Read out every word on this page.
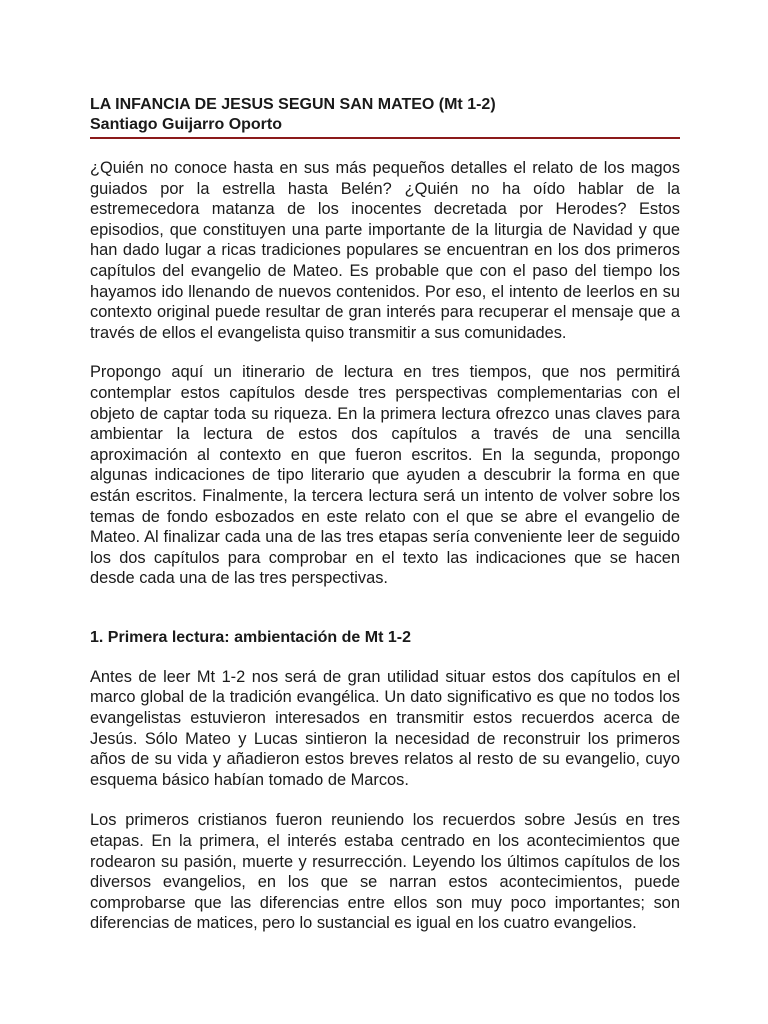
LA INFANCIA DE JESUS SEGUN SAN MATEO (Mt 1-2)
Santiago Guijarro Oporto

¿Quién no conoce hasta en sus más pequeños detalles el relato de los magos guiados por la estrella hasta Belén? ¿Quién no ha oído hablar de la estremecedora matanza de los inocentes decretada por Herodes? Estos episodios, que constituyen una parte importante de la liturgia de Navidad y que han dado lugar a ricas tradiciones populares se encuentran en los dos primeros capítulos del evangelio de Mateo. Es probable que con el paso del tiempo los hayamos ido llenando de nuevos contenidos. Por eso, el intento de leerlos en su contexto original puede resultar de gran interés para recuperar el mensaje que a través de ellos el evangelista quiso transmitir a sus comunidades.

Propongo aquí un itinerario de lectura en tres tiempos, que nos permitirá contemplar estos capítulos desde tres perspectivas complementarias con el objeto de captar toda su riqueza. En la primera lectura ofrezco unas claves para ambientar la lectura de estos dos capítulos a través de una sencilla aproximación al contexto en que fueron escritos. En la segunda, propongo algunas indicaciones de tipo literario que ayuden a descubrir la forma en que están escritos. Finalmente, la tercera lectura será un intento de volver sobre los temas de fondo esbozados en este relato con el que se abre el evangelio de Mateo. Al finalizar cada una de las tres etapas sería conveniente leer de seguido los dos capítulos para comprobar en el texto las indicaciones que se hacen desde cada una de las tres perspectivas.

1. Primera lectura: ambientación de Mt 1-2

Antes de leer Mt 1-2 nos será de gran utilidad situar estos dos capítulos en el marco global de la tradición evangélica. Un dato significativo es que no todos los evangelistas estuvieron interesados en transmitir estos recuerdos acerca de Jesús. Sólo Mateo y Lucas sintieron la necesidad de reconstruir los primeros años de su vida y añadieron estos breves relatos al resto de su evangelio, cuyo esquema básico habían tomado de Marcos.

Los primeros cristianos fueron reuniendo los recuerdos sobre Jesús en tres etapas. En la primera, el interés estaba centrado en los acontecimientos que rodearon su pasión, muerte y resurrección. Leyendo los últimos capítulos de los diversos evangelios, en los que se narran estos acontecimientos, puede comprobarse que las diferencias entre ellos son muy poco importantes; son diferencias de matices, pero lo sustancial es igual en los cuatro evangelios.
